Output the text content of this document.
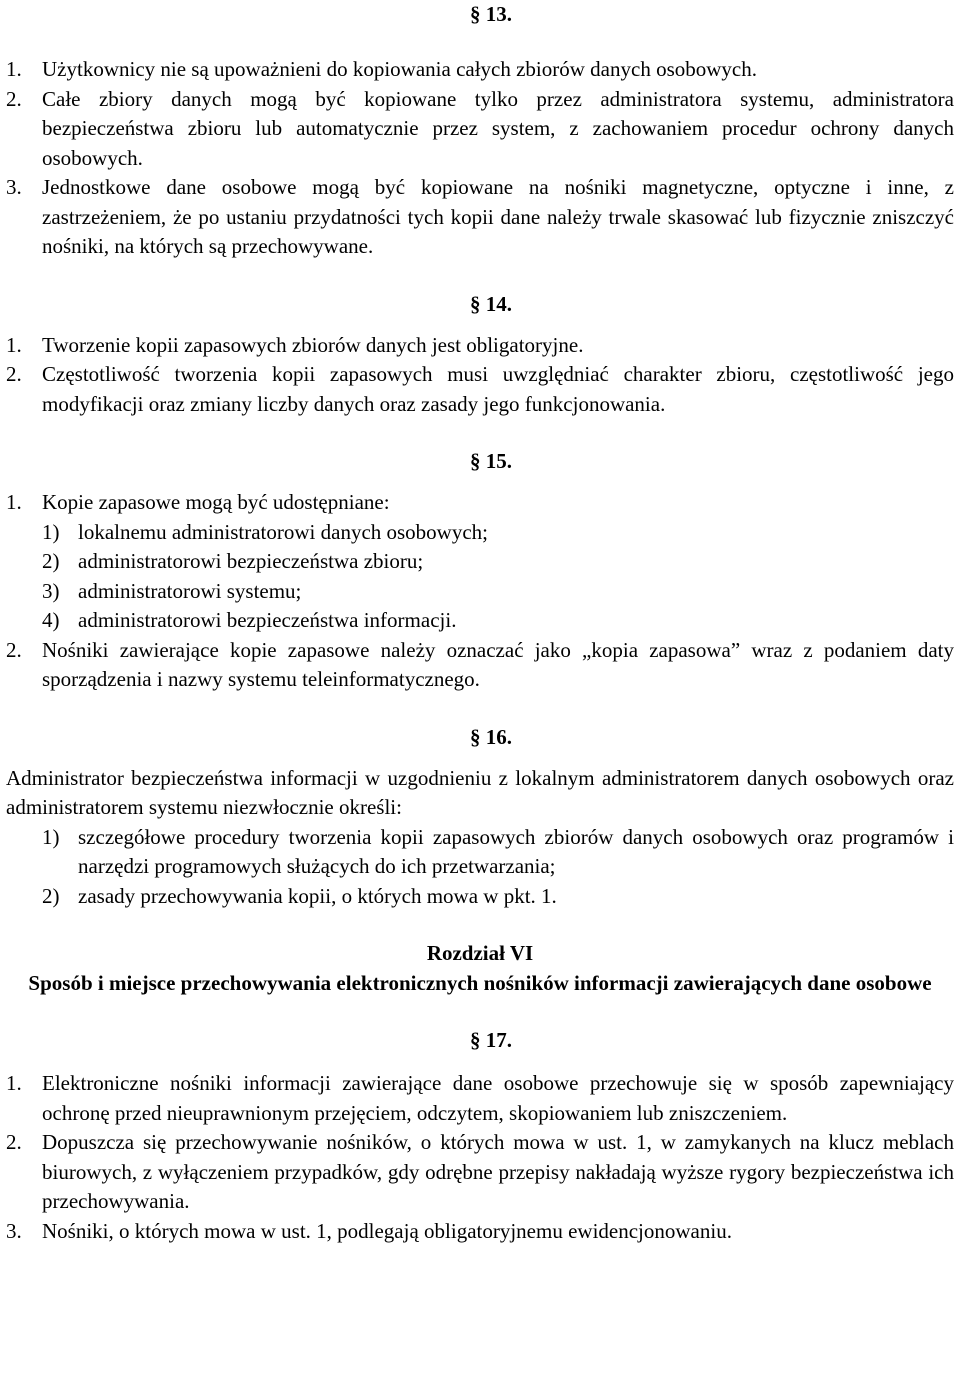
§ 13.
1. Użytkownicy nie są upoważnieni do kopiowania całych zbiorów danych osobowych.
2. Całe zbiory danych mogą być kopiowane tylko przez administratora systemu, administratora bezpieczeństwa zbioru lub automatycznie przez system, z zachowaniem procedur ochrony danych osobowych.
3. Jednostkowe dane osobowe mogą być kopiowane na nośniki magnetyczne, optyczne i inne, z zastrzeżeniem, że po ustaniu przydatności tych kopii dane należy trwale skasować lub fizycznie zniszczyć nośniki, na których są przechowywane.
§ 14.
1. Tworzenie kopii zapasowych zbiorów danych jest obligatoryjne.
2. Częstotliwość tworzenia kopii zapasowych musi uwzględniać charakter zbioru, częstotliwość jego modyfikacji oraz zmiany liczby danych oraz zasady jego funkcjonowania.
§ 15.
1. Kopie zapasowe mogą być udostępniane:
1) lokalnemu administratorowi danych osobowych;
2) administratorowi bezpieczeństwa zbioru;
3) administratorowi systemu;
4) administratorowi bezpieczeństwa informacji.
2. Nośniki zawierające kopie zapasowe należy oznaczać jako „kopia zapasowa” wraz z podaniem daty sporządzenia i nazwy systemu teleinformatycznego.
§ 16.
Administrator bezpieczeństwa informacji w uzgodnieniu z lokalnym administratorem danych osobowych oraz administratorem systemu niezwłocznie określi:
1) szczegółowe procedury tworzenia kopii zapasowych zbiorów danych osobowych oraz programów i narzędzi programowych służących do ich przetwarzania;
2) zasady przechowywania kopii, o których mowa w pkt. 1.
Rozdział VI
Sposób i miejsce przechowywania elektronicznych nośników informacji zawierających dane osobowe
§ 17.
1. Elektroniczne nośniki informacji zawierające dane osobowe przechowuje się w sposób zapewniający ochronę przed nieuprawnionym przejęciem, odczytem, skopiowaniem lub zniszczeniem.
2. Dopuszcza się przechowywanie nośników, o których mowa w ust. 1, w zamykanych na klucz meblach biurowych, z wyłączeniem przypadków, gdy odrębne przepisy nakładają wyższe rygory bezpieczeństwa ich przechowywania.
3. Nośniki, o których mowa w ust. 1, podlegają obligatoryjnemu ewidencjonowaniu.
